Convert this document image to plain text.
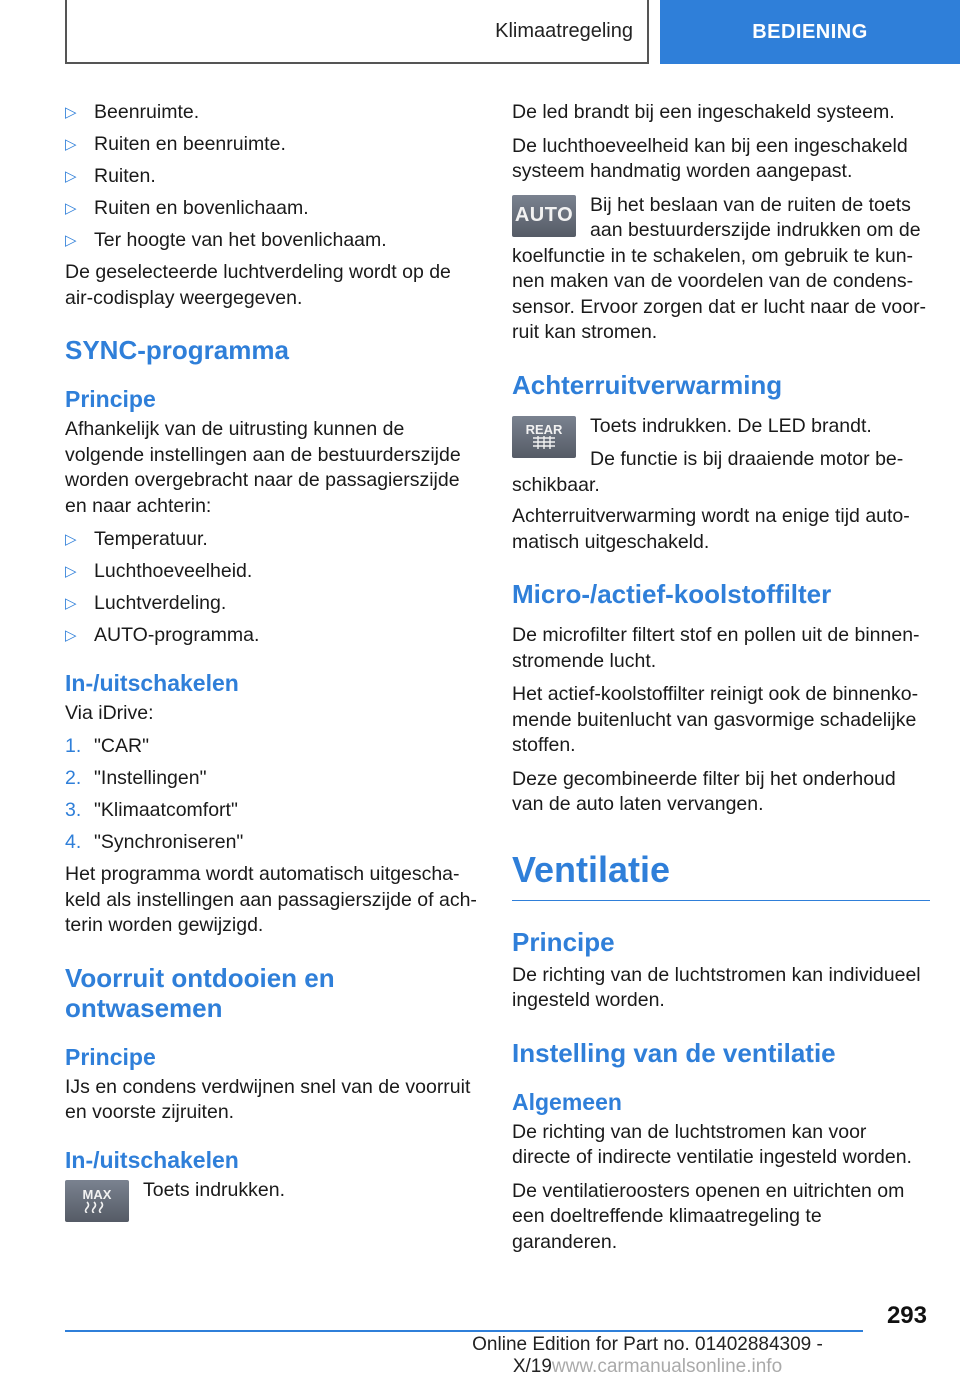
Klimaatregeling	BEDIENING
▷ Beenruimte.
▷ Ruiten en beenruimte.
▷ Ruiten.
▷ Ruiten en bovenlichaam.
▷ Ter hoogte van het bovenlichaam.

De geselecteerde luchtverdeling wordt op de air‐codisplay weergegeven.

SYNC-programma
Principe

Afhankelijk van de uitrusting kunnen de volgende instellingen aan de bestuurderszijde worden overgebracht naar de passagierszijde en naar achterin:

▷ Temperatuur.
▷ Luchthoeveelheid.
▷ Luchtverdeling.
▷ AUTO-programma.
In-/uitschakelen

Via iDrive:

1. "CAR"
2. "Instellingen"
3. "Klimaatcomfort"
4. "Synchroniseren"

Het programma wordt automatisch uitgescha‐keld als instellingen aan passagierszijde of ach‐terin worden gewijzigd.

Voorruit ontdooien en ontwasemen
Principe

IJs en condens verdwijnen snel van de voorruit en voorste zijruiten.

In-/uitschakelen
MAX Toets indrukken.

De led brandt bij een ingeschakeld systeem.

De luchthoeveelheid kan bij een ingeschakeld systeem handmatig worden aangepast.

AUTO Bij het beslaan van de ruiten de toets aan bestuurderszijde indrukken om de koelfunctie in te schakelen, om gebruik te kun‐nen maken van de voordelen van de condens‐sensor. Ervoor zorgen dat er lucht naar de voor‐ruit kan stromen.
Achterruitverwarming
REAR	Toets indrukken. De LED brandt.

De functie is bij draaiende motor be‐schikbaar.

Achterruitverwarming wordt na enige tijd auto‐matisch uitgeschakeld.

Micro-/actief-koolstoffilter

De microfilter filtert stof en pollen uit de binnen‐stromende lucht.

Het actief-koolstoffilter reinigt ook de binnenko‐mende buitenlucht van gasvormige schadelijke stoffen.

Deze gecombineerde filter bij het onderhoud van de auto laten vervangen.

Ventilatie
Principe

De richting van de luchtstromen kan individueel ingesteld worden.

Instelling van de ventilatie
Algemeen

De richting van de luchtstromen kan voor directe of indirecte ventilatie ingesteld worden.

De ventilatieroosters openen en uitrichten om een doeltreffende klimaatregeling te garanderen.

293
Online Edition for Part no. 01402884309 - X/19www.carmanualsonline.info
